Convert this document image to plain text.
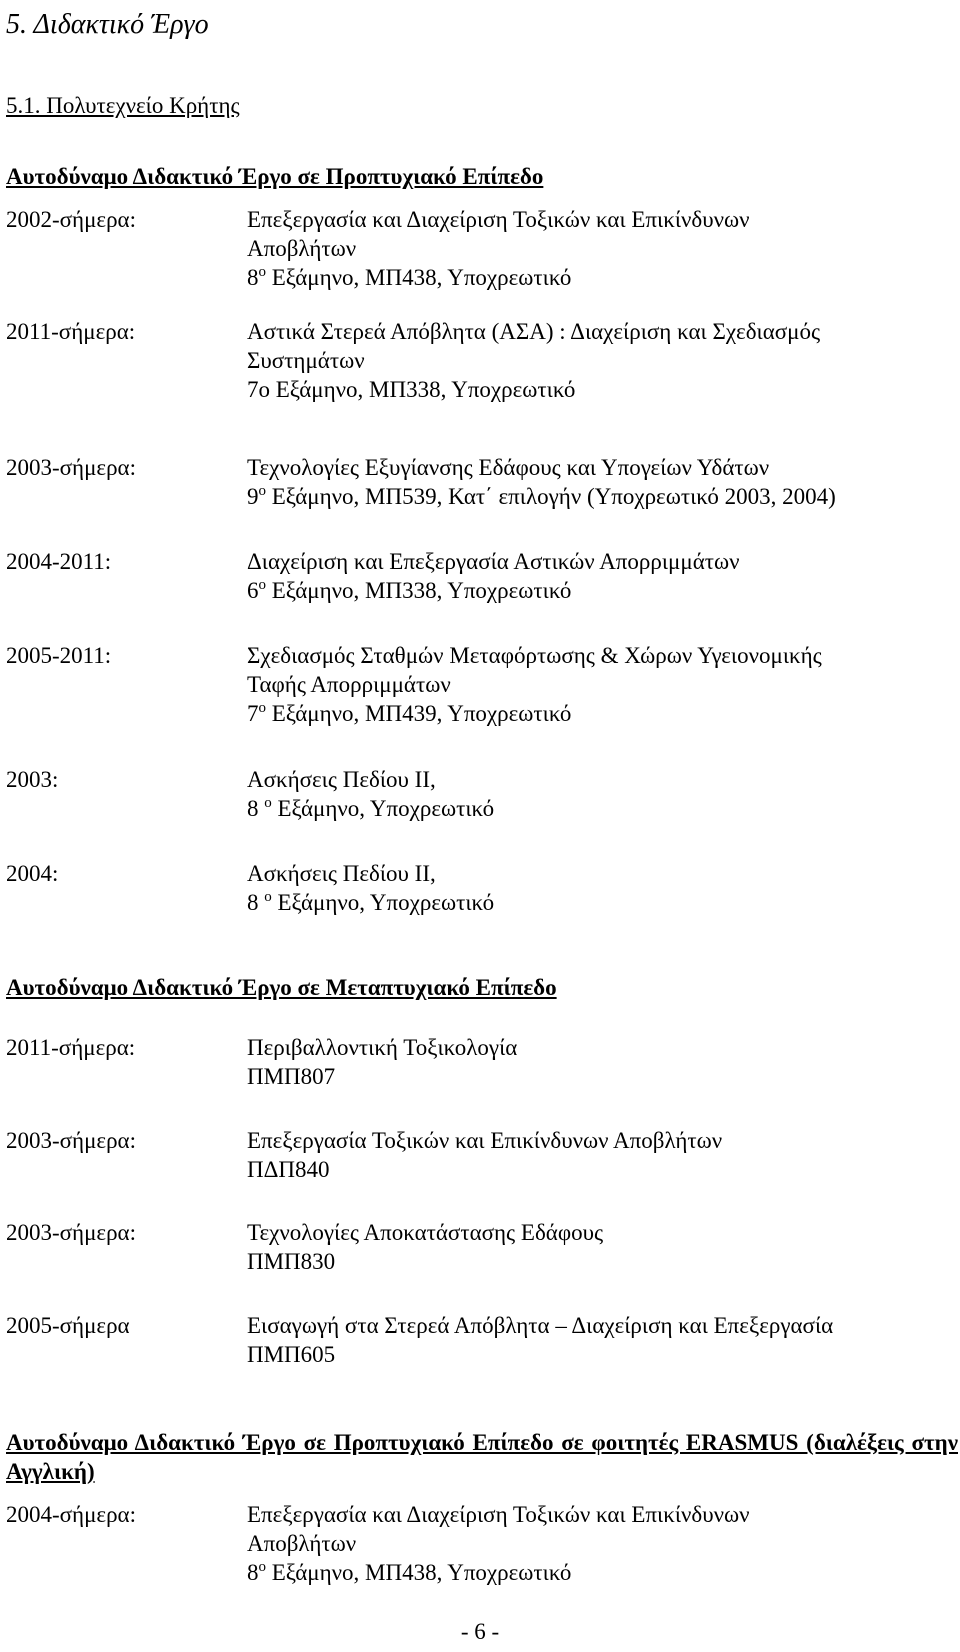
5. Διδακτικό Έργο
5.1. Πολυτεχνείο Κρήτης
Αυτοδύναμο Διδακτικό Έργο σε Προπτυχιακό Επίπεδο
2002-σήμερα:	Επεξεργασία και Διαχείριση Τοξικών και Επικίνδυνων
Αποβλήτων
$8^o$ Εξάμηνο, ΜΠ438, Υποχρεωτικό
2011-σήμερα:	Αστικά Στερεά Απόβλητα (ΑΣΑ) : Διαχείριση και Σχεδιασμός
Συστημάτων
7ο Εξάμηνο, ΜΠ338, Υποχρεωτικό
2003-σήμερα:	Τεχνολογίες Εξυγίανσης Εδάφους και Υπογείων Υδάτων
$9^o$ Εξάμηνο, ΜΠ539, Κατ΄ επιλογήν (Υποχρεωτικό 2003, 2004)
2004-2011:	Διαχείριση και Επεξεργασία Αστικών Απορριμμάτων
$6^o$ Εξάμηνο, ΜΠ338, Υποχρεωτικό
2005-2011:	Σχεδιασμός Σταθμών Μεταφόρτωσης & Χώρων Υγειονομικής
Ταφής Απορριμμάτων
$7^o$ Εξάμηνο, ΜΠ439, Υποχρεωτικό
2003:	Ασκήσεις Πεδίου ΙΙ,
8 $^o$ Εξάμηνο, Υποχρεωτικό
2004:	Ασκήσεις Πεδίου ΙΙ,
8 $^o$ Εξάμηνο, Υποχρεωτικό
Αυτοδύναμο Διδακτικό Έργο σε Μεταπτυχιακό Επίπεδο
2011-σήμερα:	Περιβαλλοντική Τοξικολογία
ΠΜΠ807
2003-σήμερα:	Επεξεργασία Τοξικών και Επικίνδυνων Αποβλήτων
ΠΔΠ840
2003-σήμερα:	Τεχνολογίες Αποκατάστασης Εδάφους
ΠΜΠ830
2005-σήμερα	Εισαγωγή στα Στερεά Απόβλητα – Διαχείριση και Επεξεργασία
ΠΜΠ605
Αυτοδύναμο Διδακτικό Έργο σε Προπτυχιακό Επίπεδο σε φοιτητές ERASMUS (διαλέξεις στην Αγγλική)
2004-σήμερα:	Επεξεργασία και Διαχείριση Τοξικών και Επικίνδυνων
Αποβλήτων
$8^o$ Εξάμηνο, ΜΠ438, Υποχρεωτικό
- 6 -
